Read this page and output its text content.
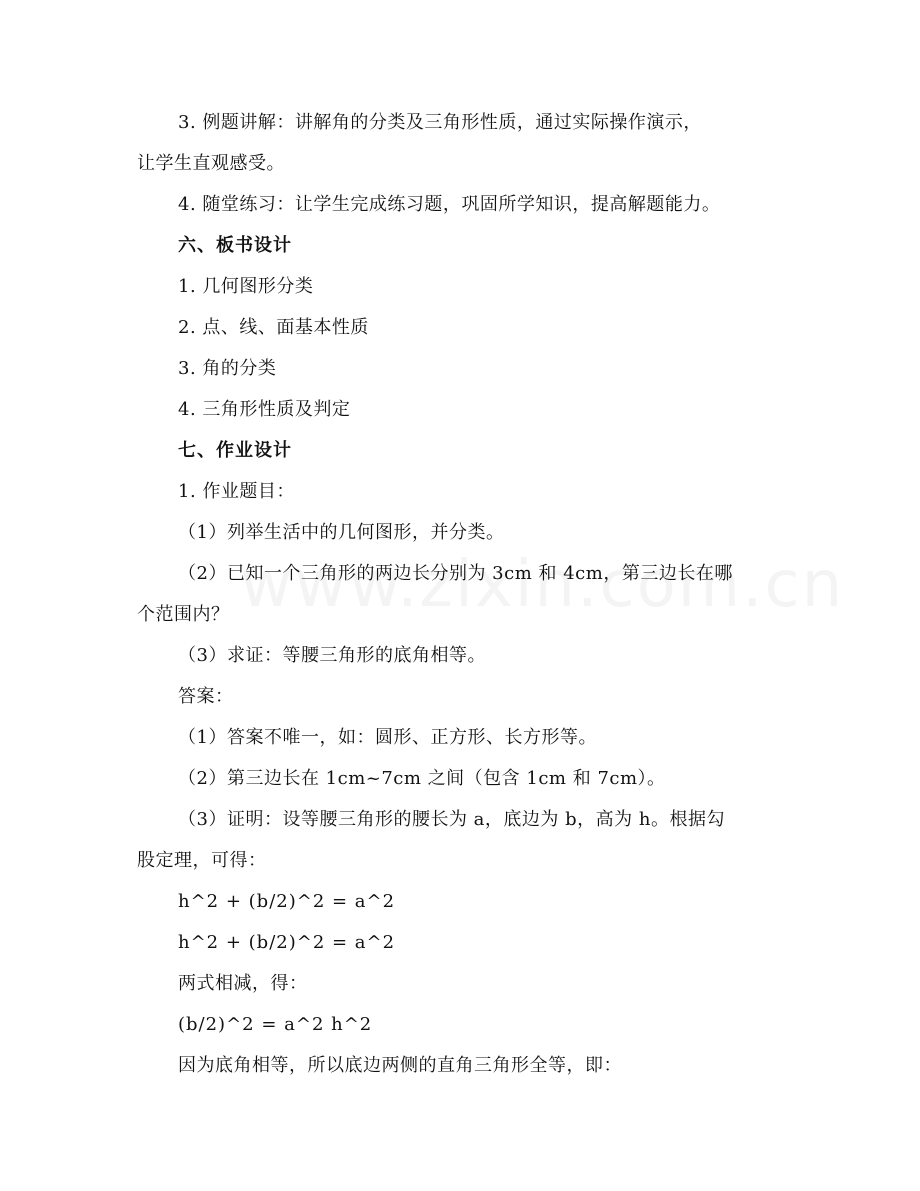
3. 例题讲解：讲解角的分类及三角形性质，通过实际操作演示，
让学生直观感受。
4. 随堂练习：让学生完成练习题，巩固所学知识，提高解题能力。
六、板书设计
1. 几何图形分类
2. 点、线、面基本性质
3. 角的分类
4. 三角形性质及判定
七、作业设计
1. 作业题目：
（1）列举生活中的几何图形，并分类。
（2）已知一个三角形的两边长分别为 3cm 和 4cm，第三边长在哪
个范围内？
（3）求证：等腰三角形的底角相等。
答案：
（1）答案不唯一，如：圆形、正方形、长方形等。
（2）第三边长在 1cm~7cm 之间（包含 1cm 和 7cm）。
（3）证明：设等腰三角形的腰长为 a，底边为 b，高为 h。根据勾
股定理，可得：
h^2 + (b/2)^2 = a^2
h^2 + (b/2)^2 = a^2
两式相减，得：
(b/2)^2 = a^2 h^2
因为底角相等，所以底边两侧的直角三角形全等，即：
